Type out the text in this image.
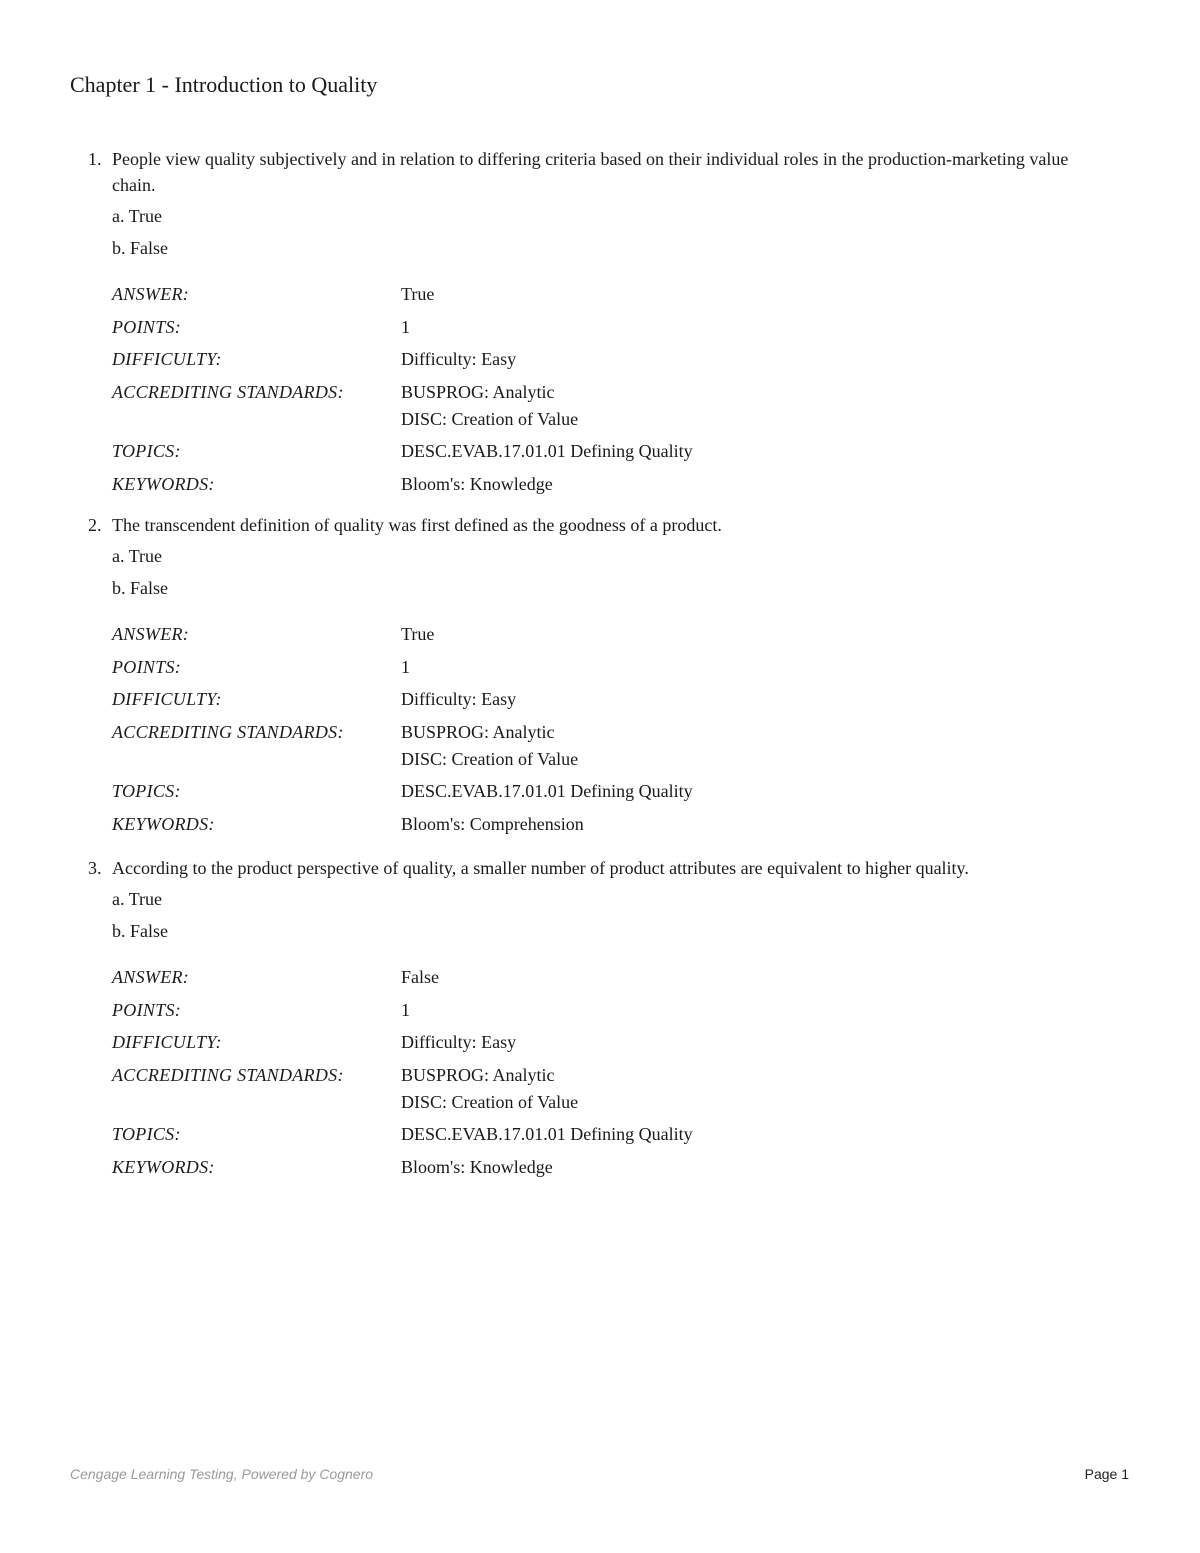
Chapter 1 - Introduction to Quality
1. People view quality subjectively and in relation to differing criteria based on their individual roles in the production-marketing value chain.
a. True
b. False
ANSWER:	True
POINTS:	1
DIFFICULTY:	Difficulty: Easy
ACCREDITING STANDARDS:	BUSPROG: Analytic
DISC: Creation of Value
TOPICS:	DESC.EVAB.17.01.01 Defining Quality
KEYWORDS:	Bloom's: Knowledge
2. The transcendent definition of quality was first defined as the goodness of a product.
a. True
b. False
ANSWER:	True
POINTS:	1
DIFFICULTY:	Difficulty: Easy
ACCREDITING STANDARDS:	BUSPROG: Analytic
DISC: Creation of Value
TOPICS:	DESC.EVAB.17.01.01 Defining Quality
KEYWORDS:	Bloom's: Comprehension
3. According to the product perspective of quality, a smaller number of product attributes are equivalent to higher quality.
a. True
b. False
ANSWER:	False
POINTS:	1
DIFFICULTY:	Difficulty: Easy
ACCREDITING STANDARDS:	BUSPROG: Analytic
DISC: Creation of Value
TOPICS:	DESC.EVAB.17.01.01 Defining Quality
KEYWORDS:	Bloom's: Knowledge
Cengage Learning Testing, Powered by Cognero	Page 1
